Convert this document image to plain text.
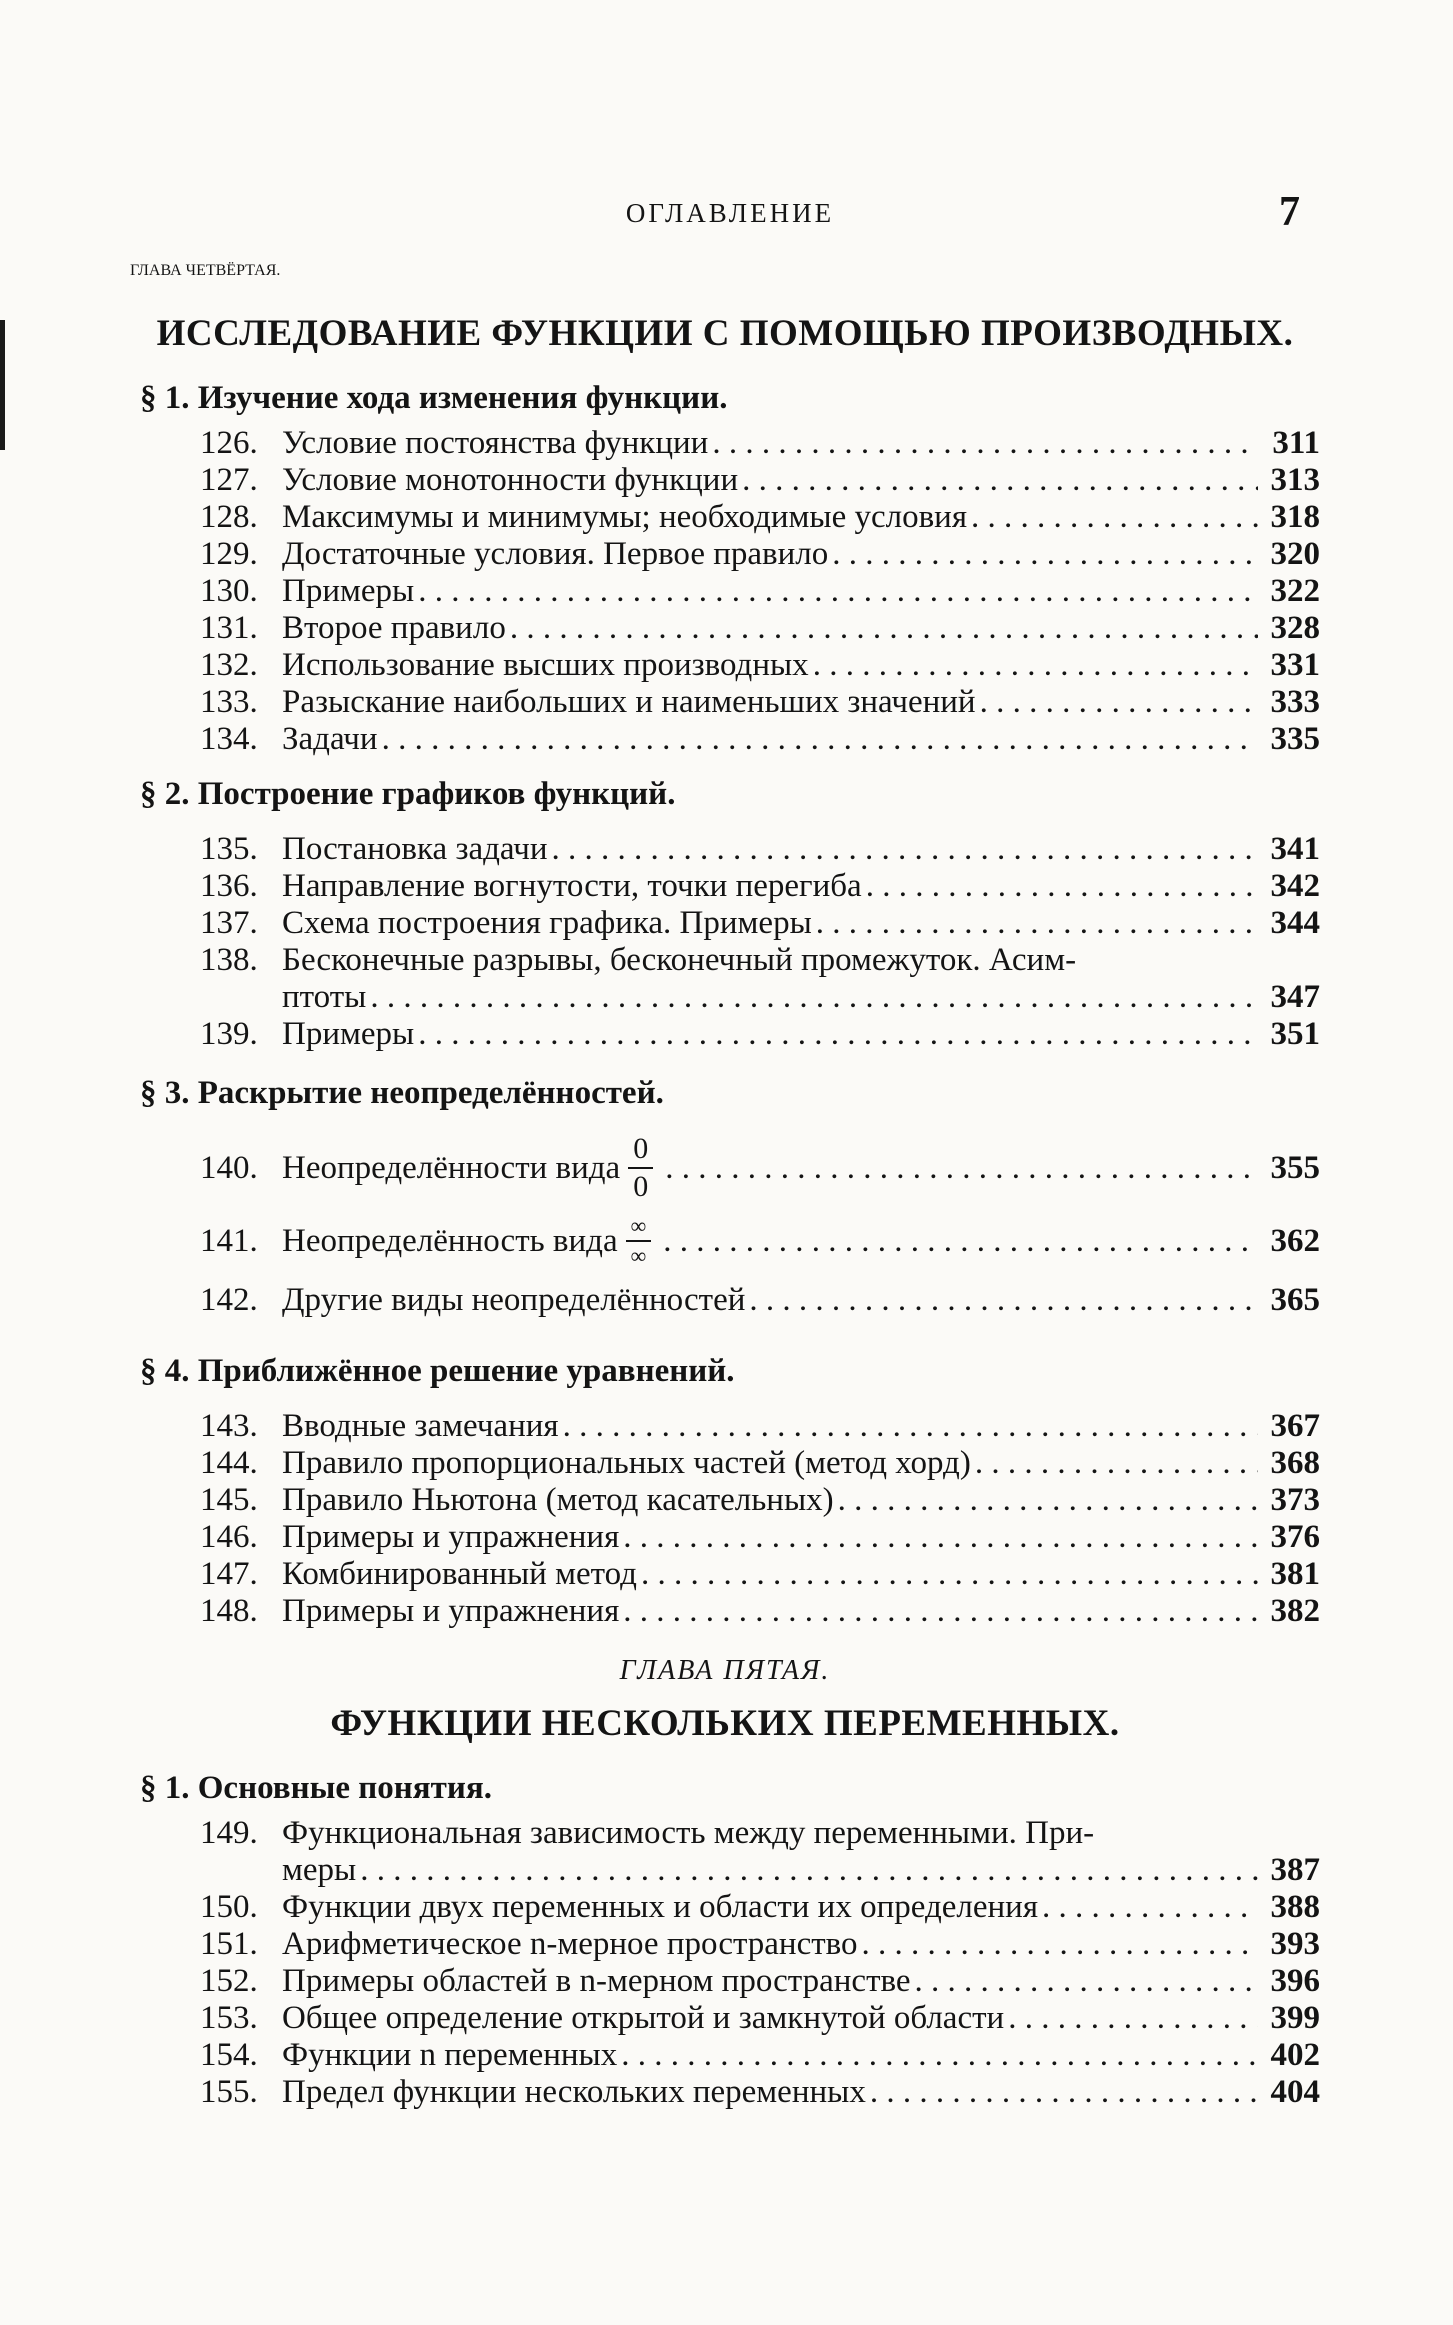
ОГЛАВЛЕНИЕ	7
ГЛАВА ЧЕТВЁРТАЯ.
ИССЛЕДОВАНИЕ ФУНКЦИИ С ПОМОЩЬЮ ПРОИЗВОДНЫХ.
§ 1. Изучение хода изменения функции.
126. Условие постоянства функции . . .	311
127. Условие монотонности функции . . .	313
128. Максимумы и минимумы; необходимые условия . . .	318
129. Достаточные условия. Первое правило . . .	320
130. Примеры . . .	322
131. Второе правило . . .	328
132. Использование высших производных . . .	331
133. Разыскание наибольших и наименьших значений . . .	333
134. Задачи . . .	335
§ 2. Построение графиков функций.
135. Постановка задачи . . .	341
136. Направление вогнутости, точки перегиба . . .	342
137. Схема построения графика. Примеры . . .	344
138. Бесконечные разрывы, бесконечный промежуток. Асим-
птоты . . .	347
139. Примеры . . .	351
§ 3. Раскрытие неопределённостей.
140. Неопределённости вида $\frac{0}{0}$ . . .	355
141. Неопределённость вида $\frac{\infty}{\infty}$ . . .	362
142. Другие виды неопределённостей . . .	365
§ 4. Приближённое решение уравнений.
143. Вводные замечания . . .	367
144. Правило пропорциональных частей (метод хорд) . . .	368
145. Правило Ньютона (метод касательных) . . .	373
146. Примеры и упражнения . . .	376
147. Комбинированный метод . . .	381
148. Примеры и упражнения . . .	382
ГЛАВА ПЯТАЯ.
ФУНКЦИИ НЕСКОЛЬКИХ ПЕРЕМЕННЫХ.
§ 1. Основные понятия.
149. Функциональная зависимость между переменными. При-
меры . . .	387
150. Функции двух переменных и области их определения . . .	388
151. Арифметическое n-мерное пространство . . .	393
152. Примеры областей в n-мерном пространстве . . .	396
153. Общее определение открытой и замкнутой области . . .	399
154. Функции n переменных . . .	402
155. Предел функции нескольких переменных . . .	404
